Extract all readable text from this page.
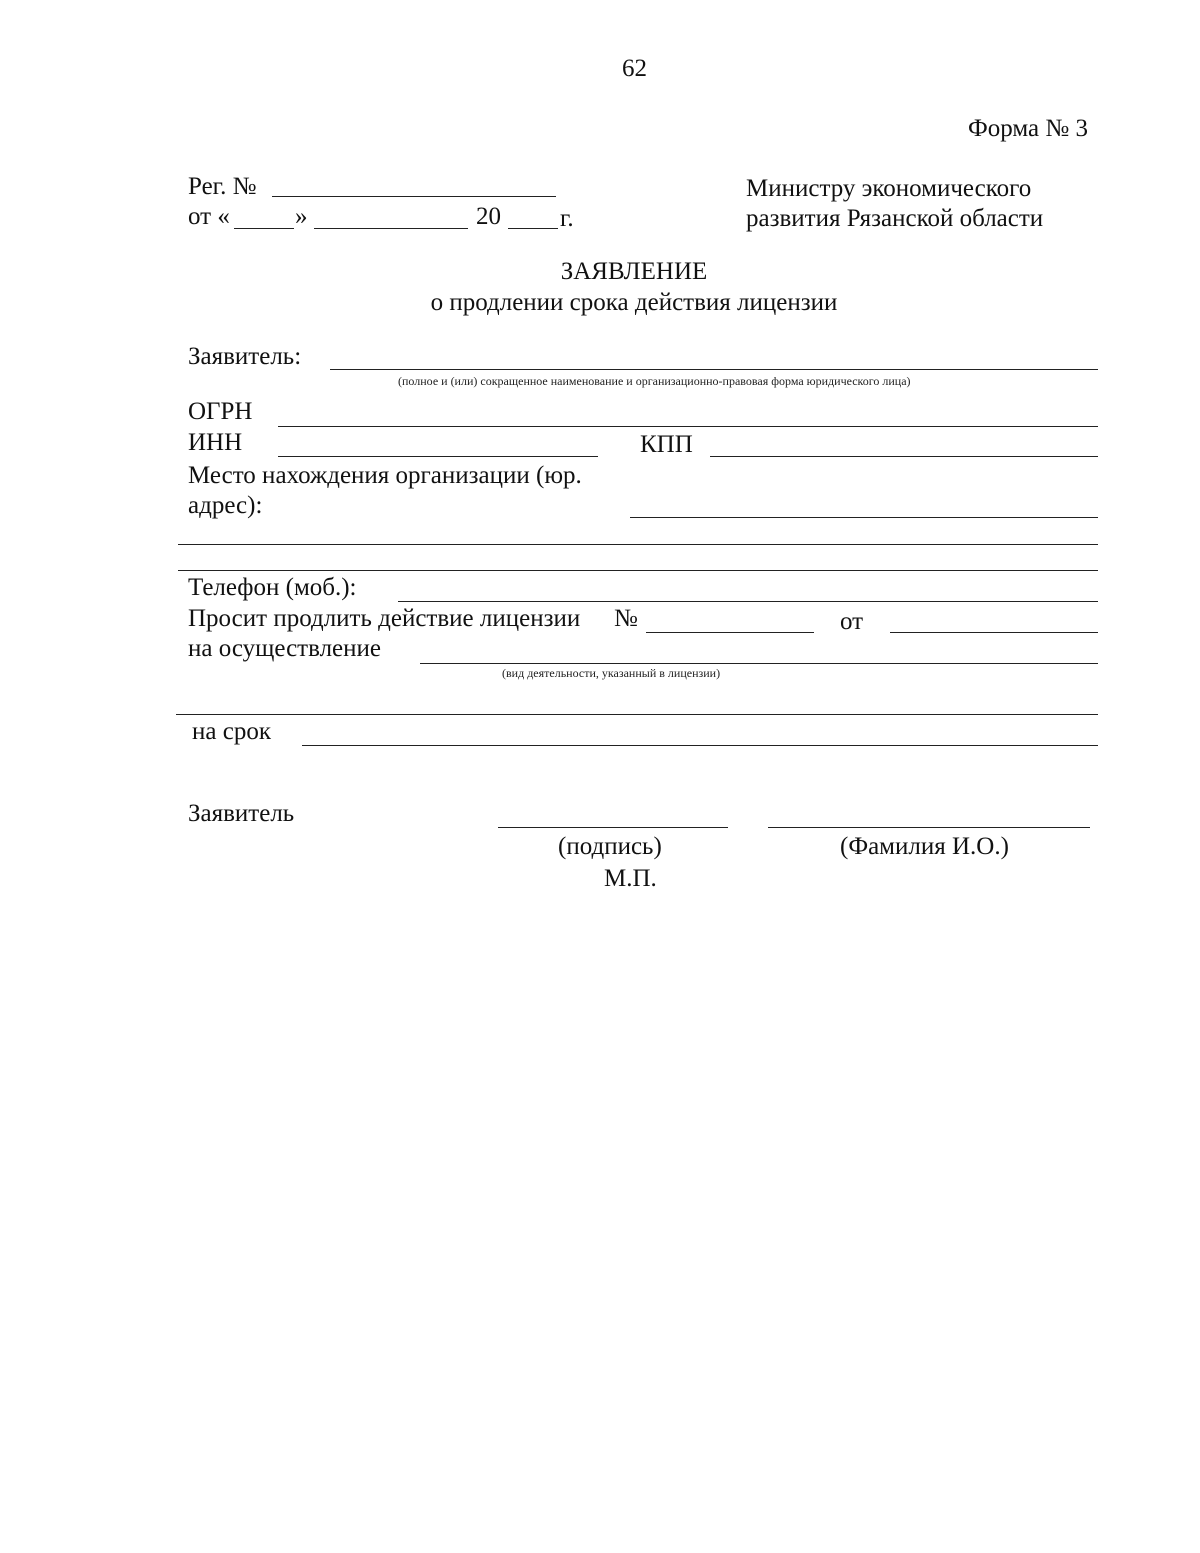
62
Форма № 3
Рег. №
от «	»	20 г.
Министру экономического
развития Рязанской области
ЗАЯВЛЕНИЕ
о продлении срока действия лицензии
Заявитель:
(полное и (или) сокращенное наименование и организационно-правовая форма юридического лица)
ОГРН
ИНН	КПП
Место нахождения организации (юр.
адрес):
Телефон (моб.):
Просит продлить действие лицензии №	от
на осуществление
(вид деятельности, указанный в лицензии)
на срок
Заявитель
(подпись)	(Фамилия И.О.)
М.П.
